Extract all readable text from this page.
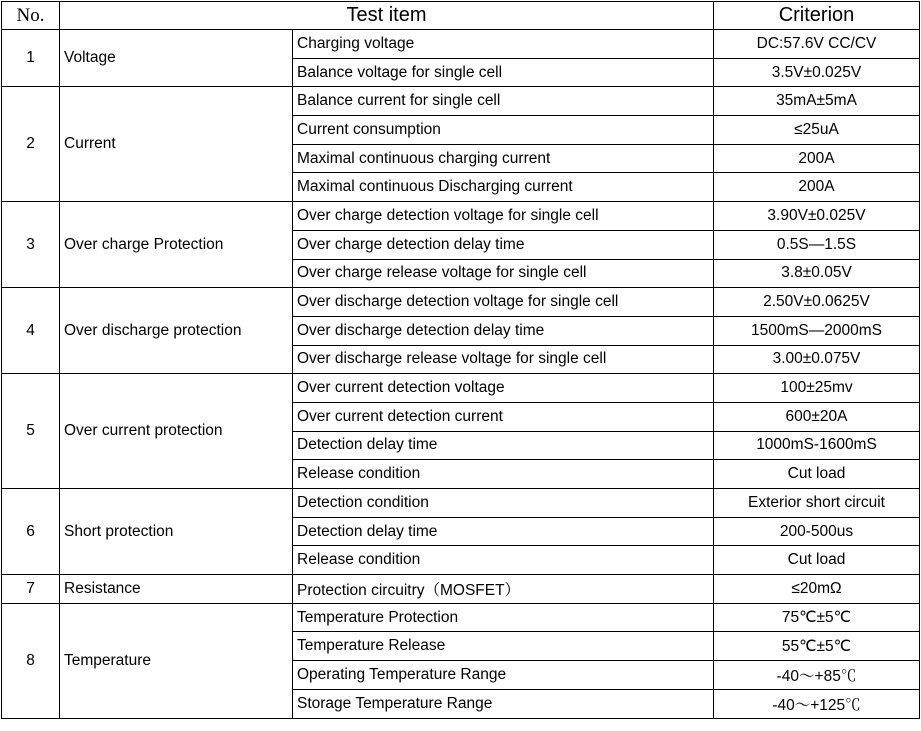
No.	Test item		Criterion
1	Voltage	Charging voltage	DC:57.6V CC/CV
		Balance voltage for single cell	3.5V±0.025V
2	Current	Balance current for single cell	35mA±5mA
		Current consumption	≤25uA
		Maximal continuous charging current	200A
		Maximal continuous Discharging current	200A
3	Over charge Protection	Over charge detection voltage for single cell	3.90V±0.025V
		Over charge detection delay time	0.5S—1.5S
		Over charge release voltage for single cell	3.8±0.05V
4	Over discharge protection	Over discharge detection voltage for single cell	2.50V±0.0625V
		Over discharge detection delay time	1500mS—2000mS
		Over discharge release voltage for single cell	3.00±0.075V
5	Over current protection	Over current detection voltage	100±25mv
		Over current detection current	600±20A
		Detection delay time	1000mS-1600mS
		Release condition	Cut load
6	Short protection	Detection condition	Exterior short circuit
		Detection delay time	200-500us
		Release condition	Cut load
7	Resistance	Protection circuitry（MOSFET）	≤20mΩ
8	Temperature	Temperature Protection	75℃±5℃
		Temperature Release	55℃±5℃
		Operating Temperature Range	-40～+85℃
		Storage Temperature Range	-40～+125℃
